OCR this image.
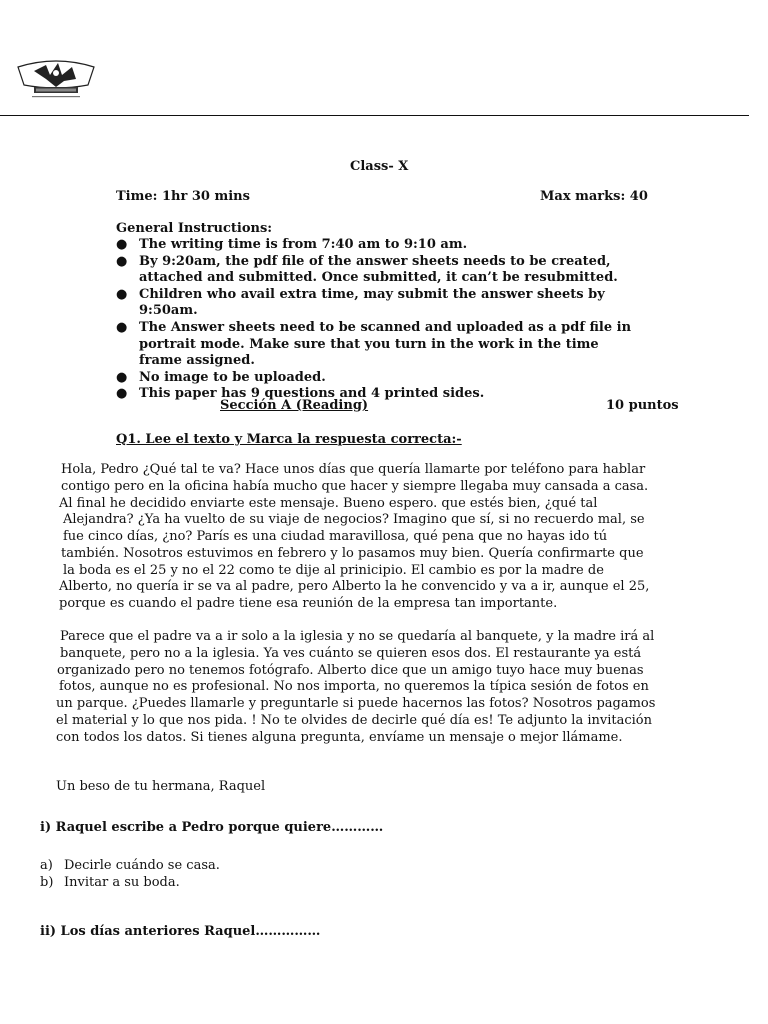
Class- X
Time: 1hr 30 mins	Max marks: 40
General Instructions:
● The writing time is from 7:40 am to 9:10 am.
● By 9:20am, the pdf file of the answer sheets needs to be created, attached and submitted. Once submitted, it can’t be resubmitted.
● Children who avail extra time, may submit the answer sheets by 9:50am.
● The Answer sheets need to be scanned and uploaded as a pdf file in portrait mode. Make sure that you turn in the work in the time frame assigned.
● No image to be uploaded.
● This paper has 9 questions and 4 printed sides.
Sección A (Reading)	10 puntos
Q1. Lee el texto y Marca la respuesta correcta:-
Hola, Pedro ¿Qué tal te va? Hace unos días que quería llamarte por teléfono para hablar
contigo pero en la oficina había mucho que hacer y siempre llegaba muy cansada a casa.
Al final he decidido enviarte este mensaje. Bueno espero. que estés bien, ¿qué tal
Alejandra? ¿Ya ha vuelto de su viaje de negocios? Imagino que sí, si no recuerdo mal, se
fue cinco días, ¿no? París es una ciudad maravillosa, qué pena que no hayas ido tú
también. Nosotros estuvimos en febrero y lo pasamos muy bien. Quería confirmarte que
la boda es el 25 y no el 22 como te dije al prinicipio. El cambio es por la madre de
Alberto, no quería ir se va al padre, pero Alberto la he convencido y va a ir, aunque el 25,
porque es cuando el padre tiene esa reunión de la empresa tan importante.
Parece que el padre va a ir solo a la iglesia y no se quedaría al banquete, y la madre irá al
banquete, pero no a la iglesia. Ya ves cuánto se quieren esos dos. El restaurante ya está
organizado pero no tenemos fotógrafo. Alberto dice que un amigo tuyo hace muy buenas
fotos, aunque no es profesional. No nos importa, no queremos la típica sesión de fotos en
un parque. ¿Puedes llamarle y preguntarle si puede hacernos las fotos? Nosotros pagamos
el material y lo que nos pida. ! No te olvides de decirle qué día es! Te adjunto la invitación
con todos los datos. Si tienes alguna pregunta, envíame un mensaje o mejor llámame.
Un beso de tu hermana, Raquel
i) Raquel escribe a Pedro porque quiere…………
a) Decirle cuándo se casa.
b) Invitar a su boda.
ii) Los días anteriores Raquel……………
